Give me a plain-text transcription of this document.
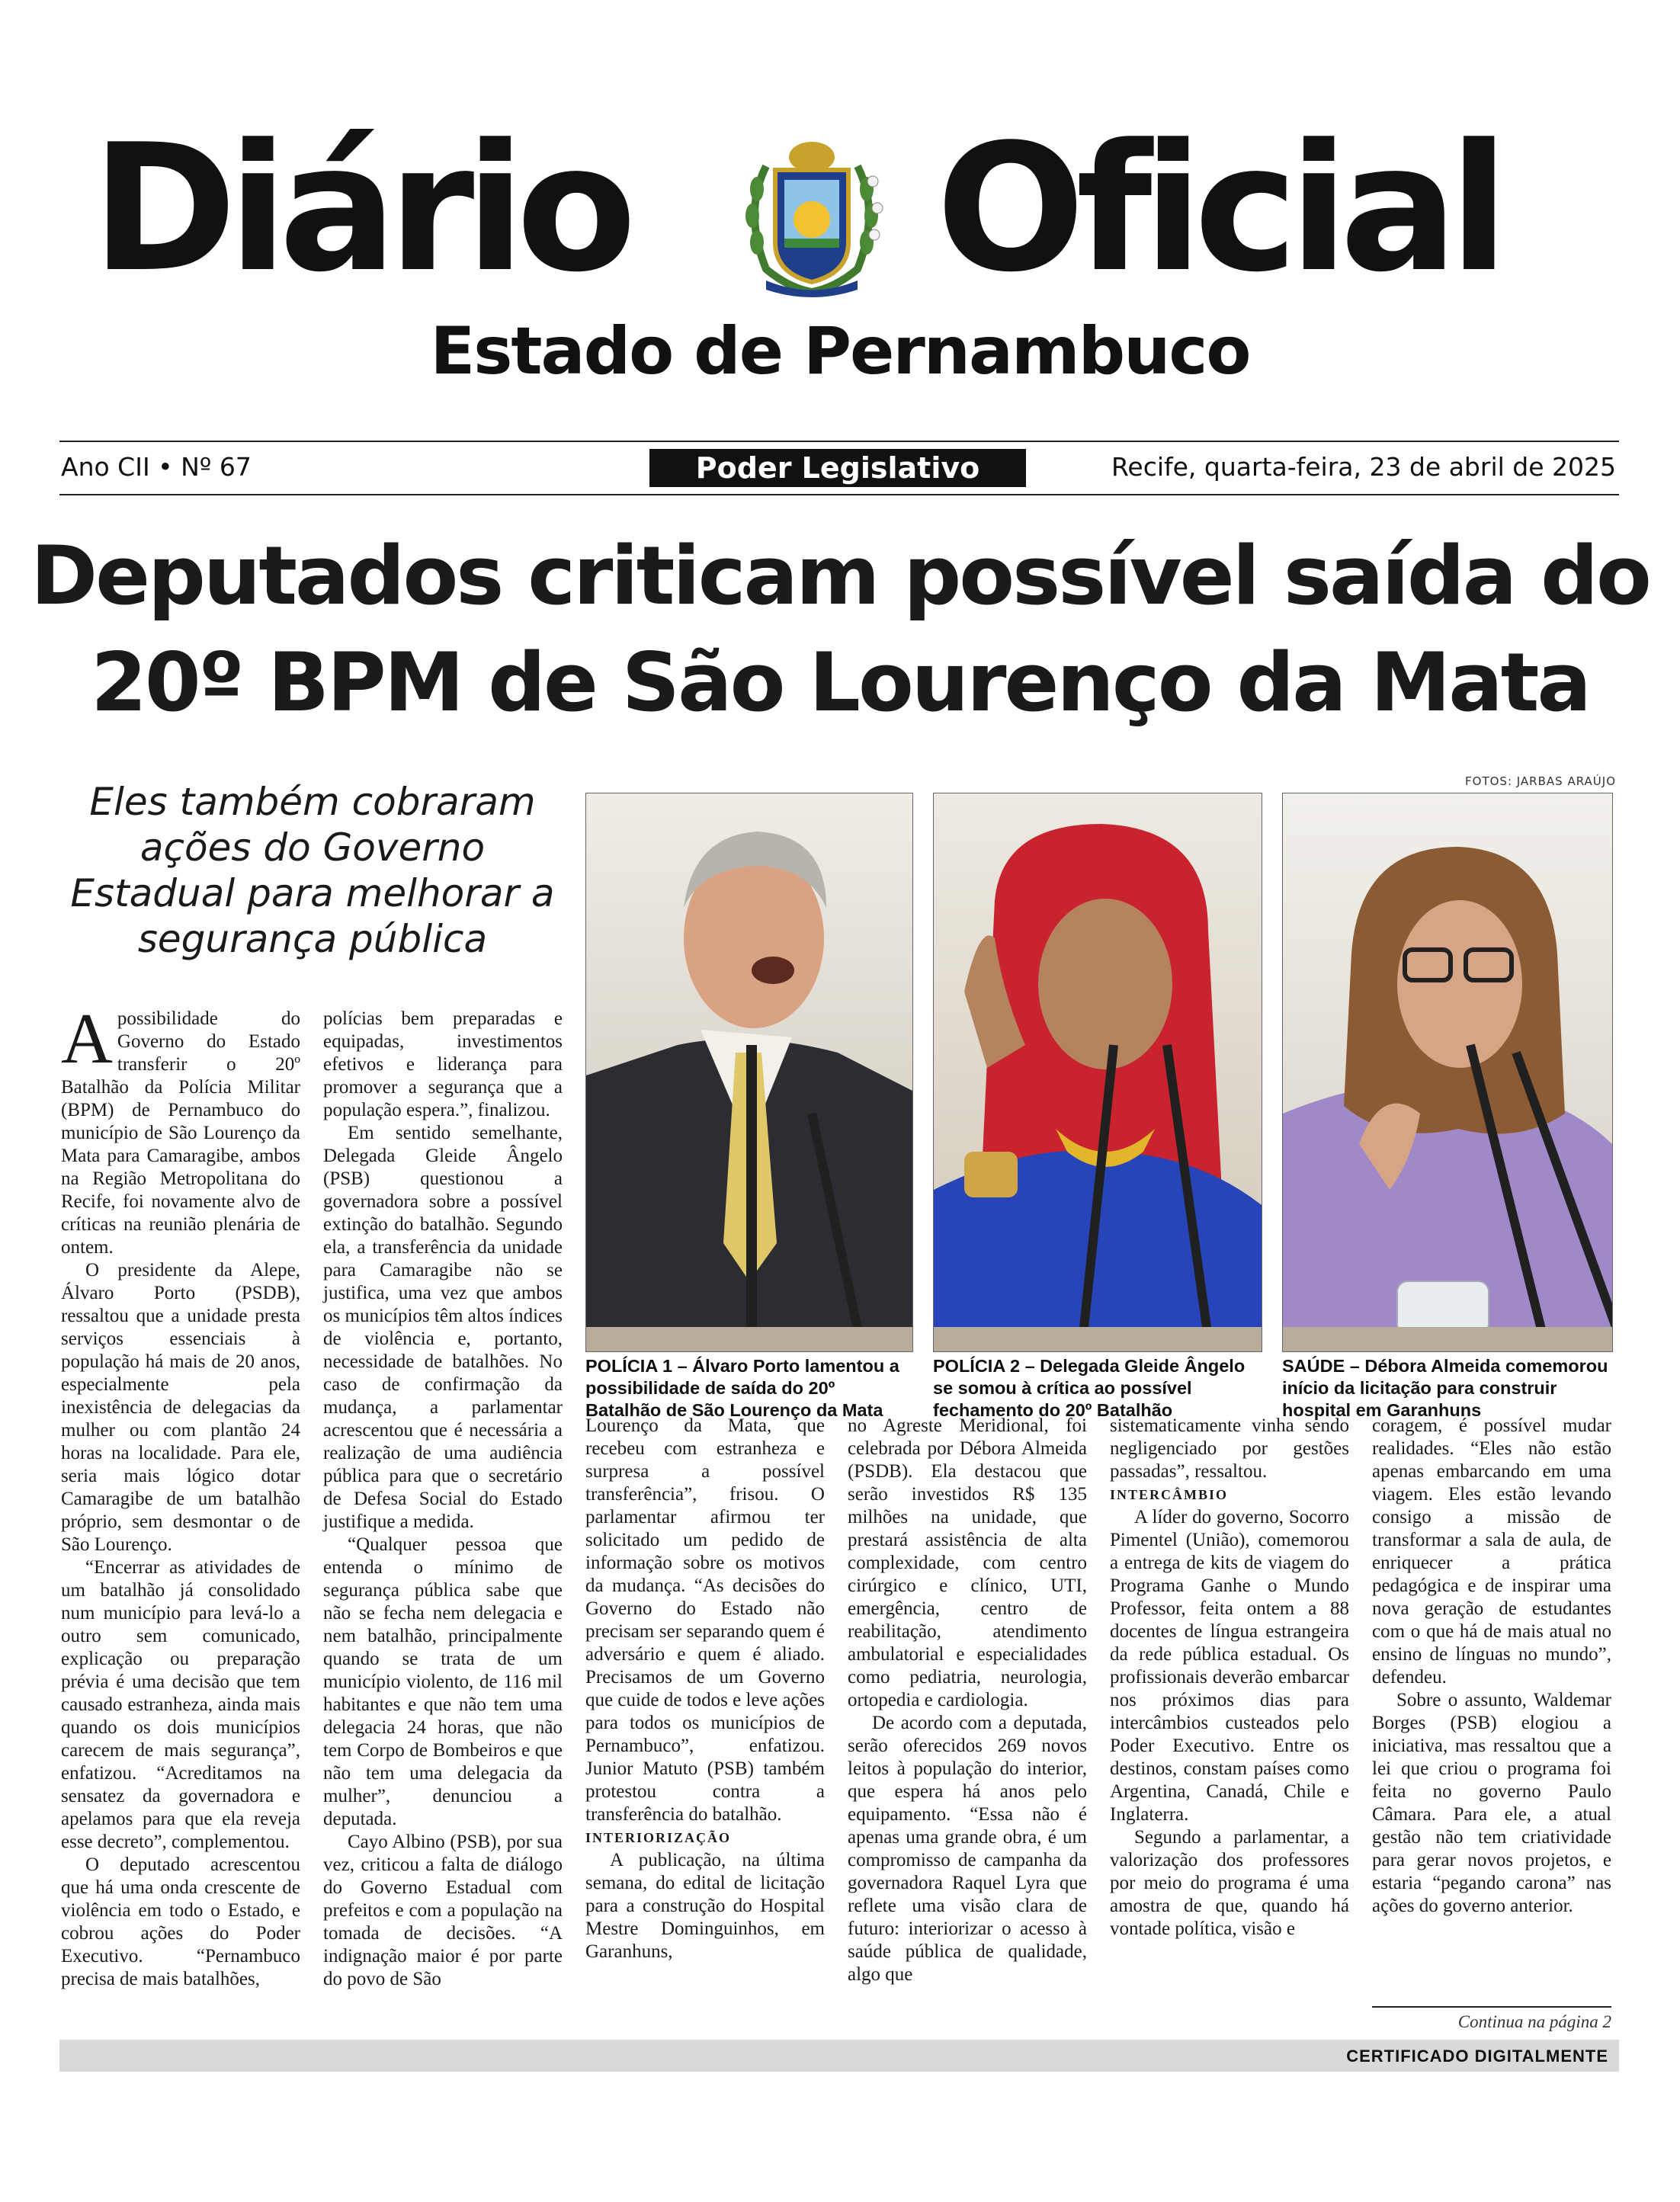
Diário Oficial
Estado de Pernambuco
Ano CII • Nº 67	Poder Legislativo	Recife, quarta-feira, 23 de abril de 2025
Deputados criticam possível saída do
20º BPM de São Lourenço da Mata
Eles também cobraram ações do Governo Estadual para melhorar a segurança pública
FOTOS: JARBAS ARAÚJO
POLÍCIA 1 – Álvaro Porto lamentou a possibilidade de saída do 20º Batalhão de São Lourenço da Mata
POLÍCIA 2 – Delegada Gleide Ângelo se somou à crítica ao possível fechamento do 20º Batalhão
SAÚDE – Débora Almeida comemorou início da licitação para construir hospital em Garanhuns

Apossibilidade do Governo do Estado transferir o 20º Batalhão da Polícia Militar (BPM) de Pernambuco do município de São Lourenço da Mata para Camaragibe, ambos na Região Metropolitana do Recife, foi novamente alvo de críticas na reunião plenária de ontem.

O presidente da Alepe, Álvaro Porto (PSDB), ressaltou que a unidade presta serviços essenciais à população há mais de 20 anos, especialmente pela inexistência de delegacias da mulher ou com plantão 24 horas na localidade. Para ele, seria mais lógico dotar Camaragibe de um batalhão próprio, sem desmontar o de São Lourenço.

“Encerrar as atividades de um batalhão já consolidado num município para levá-lo a outro sem comunicado, explicação ou preparação prévia é uma decisão que tem causado estranheza, ainda mais quando os dois municípios carecem de mais segurança”, enfatizou. “Acreditamos na sensatez da governadora e apelamos para que ela reveja esse decreto”, complementou.

O deputado acrescentou que há uma onda crescente de violência em todo o Estado, e cobrou ações do Poder Executivo. “Pernambuco precisa de mais batalhões,

polícias bem preparadas e equipadas, investimentos efetivos e liderança para promover a segurança que a população espera.”, finalizou.

Em sentido semelhante, Delegada Gleide Ângelo (PSB) questionou a governadora sobre a possível extinção do batalhão. Segundo ela, a transferência da unidade para Camaragibe não se justifica, uma vez que ambos os municípios têm altos índices de violência e, portanto, necessidade de batalhões. No caso de confirmação da mudança, a parlamentar acrescentou que é necessária a realização de uma audiência pública para que o secretário de Defesa Social do Estado justifique a medida.

“Qualquer pessoa que entenda o mínimo de segurança pública sabe que não se fecha nem delegacia e nem batalhão, principalmente quando se trata de um município violento, de 116 mil habitantes e que não tem uma delegacia 24 horas, que não tem Corpo de Bombeiros e que não tem uma delegacia da mulher”, denunciou a deputada.

Cayo Albino (PSB), por sua vez, criticou a falta de diálogo do Governo Estadual com prefeitos e com a população na tomada de decisões. “A indignação maior é por parte do povo de São

Lourenço da Mata, que recebeu com estranheza e surpresa a possível transferência”, frisou. O parlamentar afirmou ter solicitado um pedido de informação sobre os motivos da mudança. “As decisões do Governo do Estado não precisam ser separando quem é adversário e quem é aliado. Precisamos de um Governo que cuide de todos e leve ações para todos os municípios de Pernambuco”, enfatizou. Junior Matuto (PSB) também protestou contra a transferência do batalhão.

INTERIORIZAÇÃO

A publicação, na última semana, do edital de licitação para a construção do Hospital Mestre Dominguinhos, em Garanhuns,

no Agreste Meridional, foi celebrada por Débora Almeida (PSDB). Ela destacou que serão investidos R$ 135 milhões na unidade, que prestará assistência de alta complexidade, com centro cirúrgico e clínico, UTI, emergência, centro de reabilitação, atendimento ambulatorial e especialidades como pediatria, neurologia, ortopedia e cardiologia.

De acordo com a deputada, serão oferecidos 269 novos leitos à população do interior, que espera há anos pelo equipamento. “Essa não é apenas uma grande obra, é um compromisso de campanha da governadora Raquel Lyra que reflete uma visão clara de futuro: interiorizar o acesso à saúde pública de qualidade, algo que

sistematicamente vinha sendo negligenciado por gestões passadas”, ressaltou.

INTERCÂMBIO

A líder do governo, Socorro Pimentel (União), comemorou a entrega de kits de viagem do Programa Ganhe o Mundo Professor, feita ontem a 88 docentes de língua estrangeira da rede pública estadual. Os profissionais deverão embarcar nos próximos dias para intercâmbios custeados pelo Poder Executivo. Entre os destinos, constam países como Argentina, Canadá, Chile e Inglaterra.

Segundo a parlamentar, a valorização dos professores por meio do programa é uma amostra de que, quando há vontade política, visão e

coragem, é possível mudar realidades. “Eles não estão apenas embarcando em uma viagem. Eles estão levando consigo a missão de transformar a sala de aula, de enriquecer a prática pedagógica e de inspirar uma nova geração de estudantes com o que há de mais atual no ensino de línguas no mundo”, defendeu.

Sobre o assunto, Waldemar Borges (PSB) elogiou a iniciativa, mas ressaltou que a lei que criou o programa foi feita no governo Paulo Câmara. Para ele, a atual gestão não tem criatividade para gerar novos projetos, e estaria “pegando carona” nas ações do governo anterior.

Continua na página 2
CERTIFICADO DIGITALMENTE
